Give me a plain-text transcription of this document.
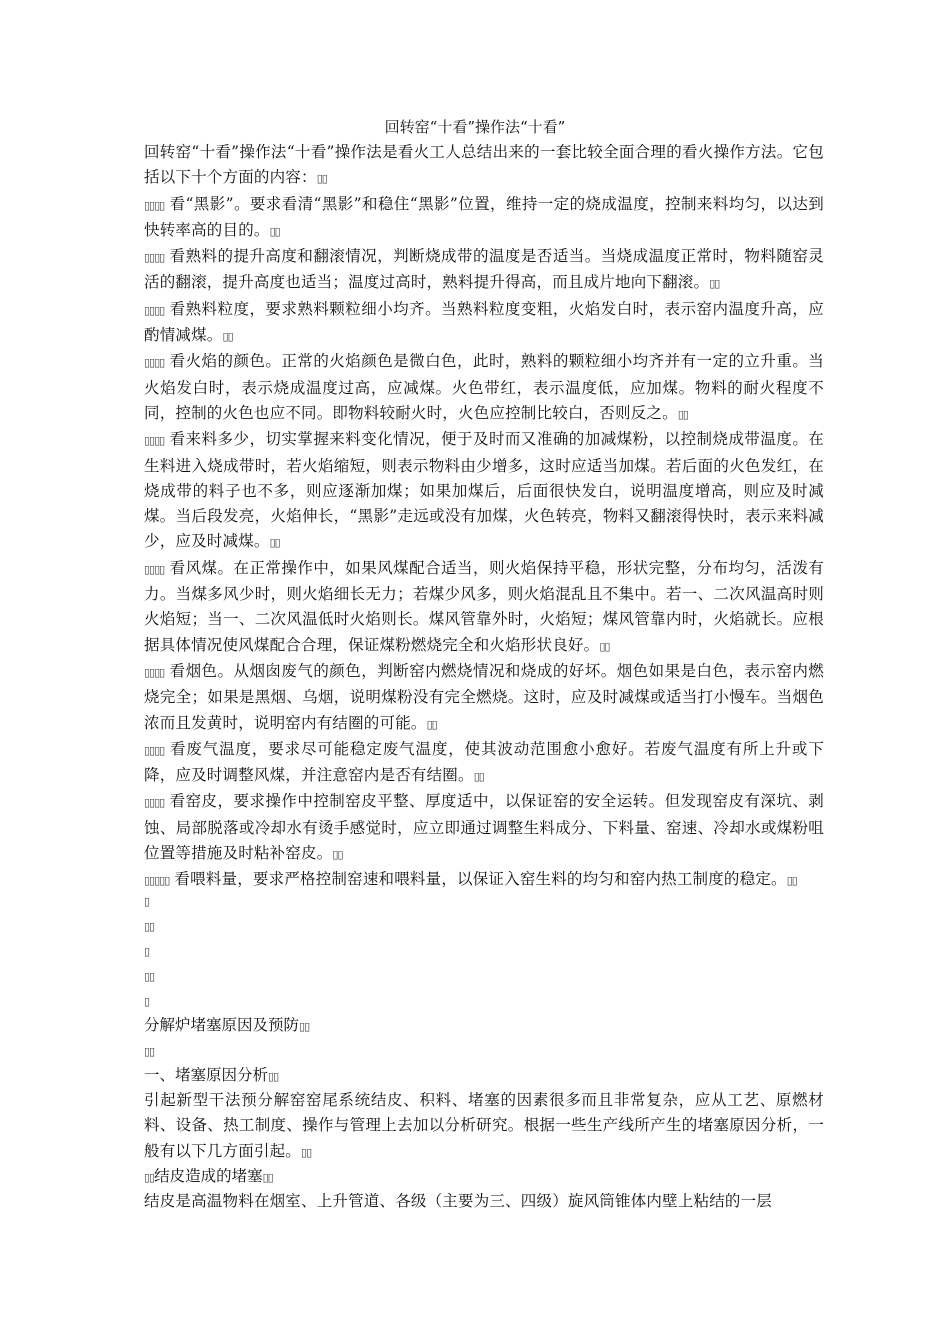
回转窑“十看”操作法“十看”

回转窑“十看”操作法“十看”操作法是看火工人总结出来的一套比较全面合理的看火操作方法。它包括以下十个方面的内容：▯▯

▯▯▯▯ 看“黑影”。要求看清“黑影”和稳住“黑影”位置，维持一定的烧成温度，控制来料均匀，以达到快转率高的目的。▯▯

▯▯▯▯ 看熟料的提升高度和翻滚情况，判断烧成带的温度是否适当。当烧成温度正常时，物料随窑灵活的翻滚，提升高度也适当；温度过高时，熟料提升得高，而且成片地向下翻滚。▯▯

▯▯▯▯ 看熟料粒度，要求熟料颗粒细小均齐。当熟料粒度变粗，火焰发白时，表示窑内温度升高，应酌情减煤。▯▯

▯▯▯▯ 看火焰的颜色。正常的火焰颜色是微白色，此时，熟料的颗粒细小均齐并有一定的立升重。当火焰发白时，表示烧成温度过高，应减煤。火色带红，表示温度低，应加煤。物料的耐火程度不同，控制的火色也应不同。即物料较耐火时，火色应控制比较白，否则反之。▯▯

▯▯▯▯ 看来料多少，切实掌握来料变化情况，便于及时而又准确的加减煤粉，以控制烧成带温度。在生料进入烧成带时，若火焰缩短，则表示物料由少增多，这时应适当加煤。若后面的火色发红，在烧成带的料子也不多，则应逐渐加煤；如果加煤后，后面很快发白，说明温度增高，则应及时减煤。当后段发亮，火焰伸长，“黑影”走远或没有加煤，火色转亮，物料又翻滚得快时，表示来料减少，应及时减煤。▯▯

▯▯▯▯ 看风煤。在正常操作中，如果风煤配合适当，则火焰保持平稳，形状完整，分布均匀，活泼有力。当煤多风少时，则火焰细长无力；若煤少风多，则火焰混乱且不集中。若一、二次风温高时则火焰短；当一、二次风温低时火焰则长。煤风管靠外时，火焰短；煤风管靠内时，火焰就长。应根据具体情况使风煤配合合理，保证煤粉燃烧完全和火焰形状良好。▯▯

▯▯▯▯ 看烟色。从烟囱废气的颜色，判断窑内燃烧情况和烧成的好坏。烟色如果是白色，表示窑内燃烧完全；如果是黑烟、乌烟，说明煤粉没有完全燃烧。这时，应及时减煤或适当打小慢车。当烟色浓而且发黄时，说明窑内有结圈的可能。▯▯

▯▯▯▯ 看废气温度，要求尽可能稳定废气温度，使其波动范围愈小愈好。若废气温度有所上升或下降，应及时调整风煤，并注意窑内是否有结圈。▯▯

▯▯▯▯ 看窑皮，要求操作中控制窑皮平整、厚度适中，以保证窑的安全运转。但发现窑皮有深坑、剥蚀、局部脱落或冷却水有烫手感觉时，应立即通过调整生料成分、下料量、窑速、冷却水或煤粉咀位置等措施及时粘补窑皮。▯▯

▯▯▯▯▯ 看喂料量，要求严格控制窑速和喂料量，以保证入窑生料的均匀和窑内热工制度的稳定。▯▯

▯
▯▯
▯
▯▯
▯
分解炉堵塞原因及预防▯▯
▯▯
一、堵塞原因分析▯▯
引起新型干法预分解窑窑尾系统结皮、积料、堵塞的因素很多而且非常复杂，应从工艺、原燃材料、设备、热工制度、操作与管理上去加以分析研究。根据一些生产线所产生的堵塞原因分析，一般有以下几方面引起。▯▯
▯▯结皮造成的堵塞▯▯
结皮是高温物料在烟室、上升管道、各级（主要为三、四级）旋风筒锥体内壁上粘结的一层
